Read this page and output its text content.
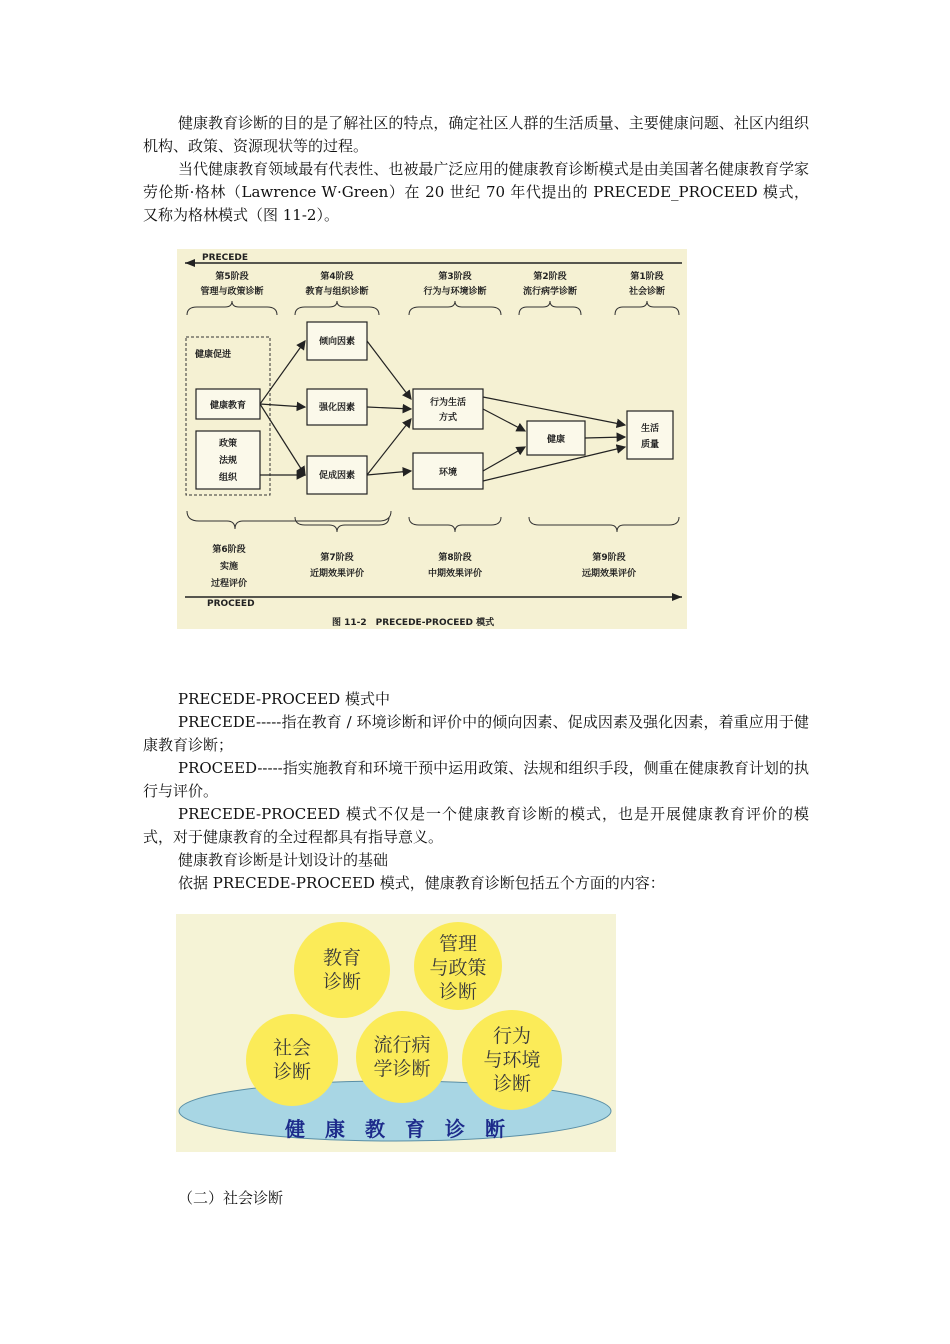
健康教育诊断的目的是了解社区的特点，确定社区人群的生活质量、主要健康问题、社区内组织机构、政策、资源现状等的过程。

当代健康教育领域最有代表性、也被最广泛应用的健康教育诊断模式是由美国著名健康教育学家劳伦斯·格林（Lawrence W·Green）在 20 世纪 70 年代提出的 PRECEDE_PROCEED 模式，又称为格林模式（图 11-2）。

PRECEDE
第5阶段
管理与政策诊断
第4阶段
教育与组织诊断
第3阶段
行为与环境诊断
第2阶段
流行病学诊断
第1阶段
社会诊断
健康促进
健康教育
政策
法规
组织
倾向因素
强化因素
促成因素
行为生活
方式
环境
健康
生活
质量
第6阶段
实施
过程评价
第7阶段
近期效果评价
第8阶段
中期效果评价
第9阶段
远期效果评价
PROCEED
图 11-2　PRECEDE-PROCEED 模式

PRECEDE-PROCEED 模式中

PRECEDE-----指在教育 / 环境诊断和评价中的倾向因素、促成因素及强化因素，着重应用于健康教育诊断；

PROCEED-----指实施教育和环境干预中运用政策、法规和组织手段，侧重在健康教育计划的执行与评价。

PRECEDE-PROCEED 模式不仅是一个健康教育诊断的模式，也是开展健康教育评价的模式，对于健康教育的全过程都具有指导意义。

健康教育诊断是计划设计的基础

依据 PRECEDE-PROCEED 模式，健康教育诊断包括五个方面的内容：

健　康　教　育　诊　断
教育
诊断
管理
与政策
诊断
社会
诊断
流行病
学诊断
行为
与环境
诊断
（二）社会诊断
